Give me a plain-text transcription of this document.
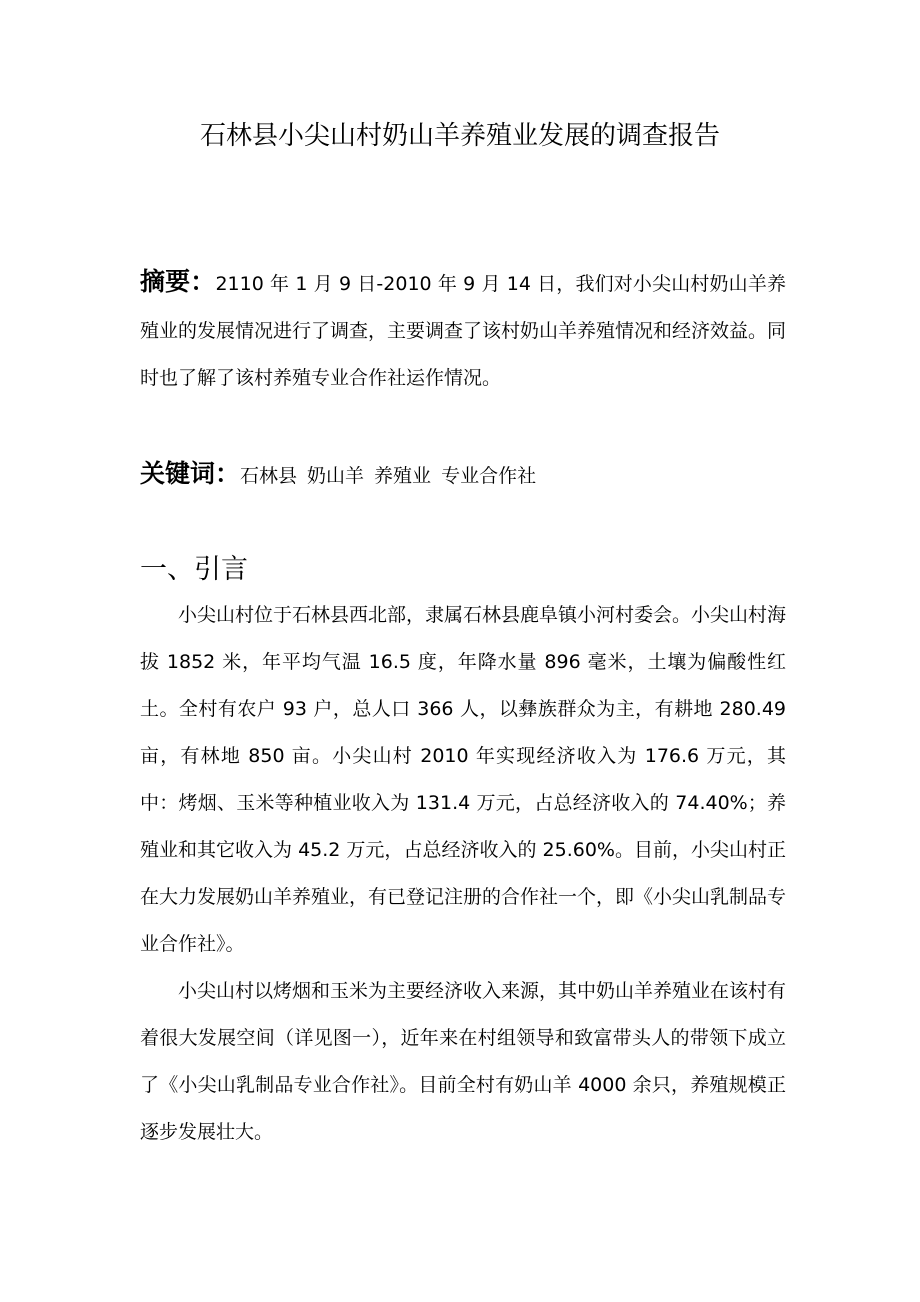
石林县小尖山村奶山羊养殖业发展的调查报告

摘要：2110 年 1 月 9 日-2010 年 9 月 14 日，我们对小尖山村奶山羊养殖业的发展情况进行了调查，主要调查了该村奶山羊养殖情况和经济效益。同时也了解了该村养殖专业合作社运作情况。

关键词：石林县 奶山羊 养殖业 专业合作社

一、引言

小尖山村位于石林县西北部，隶属石林县鹿阜镇小河村委会。小尖山村海拔 1852 米，年平均气温 16.5 度，年降水量 896 毫米，土壤为偏酸性红土。全村有农户 93 户，总人口 366 人，以彝族群众为主，有耕地 280.49 亩，有林地 850 亩。小尖山村 2010 年实现经济收入为 176.6 万元，其中：烤烟、玉米等种植业收入为 131.4 万元，占总经济收入的 74.40%；养殖业和其它收入为 45.2 万元，占总经济收入的 25.60%。目前，小尖山村正在大力发展奶山羊养殖业，有已登记注册的合作社一个，即《小尖山乳制品专业合作社》。

小尖山村以烤烟和玉米为主要经济收入来源，其中奶山羊养殖业在该村有着很大发展空间（详见图一），近年来在村组领导和致富带头人的带领下成立了《小尖山乳制品专业合作社》。目前全村有奶山羊 4000 余只，养殖规模正逐步发展壮大。
